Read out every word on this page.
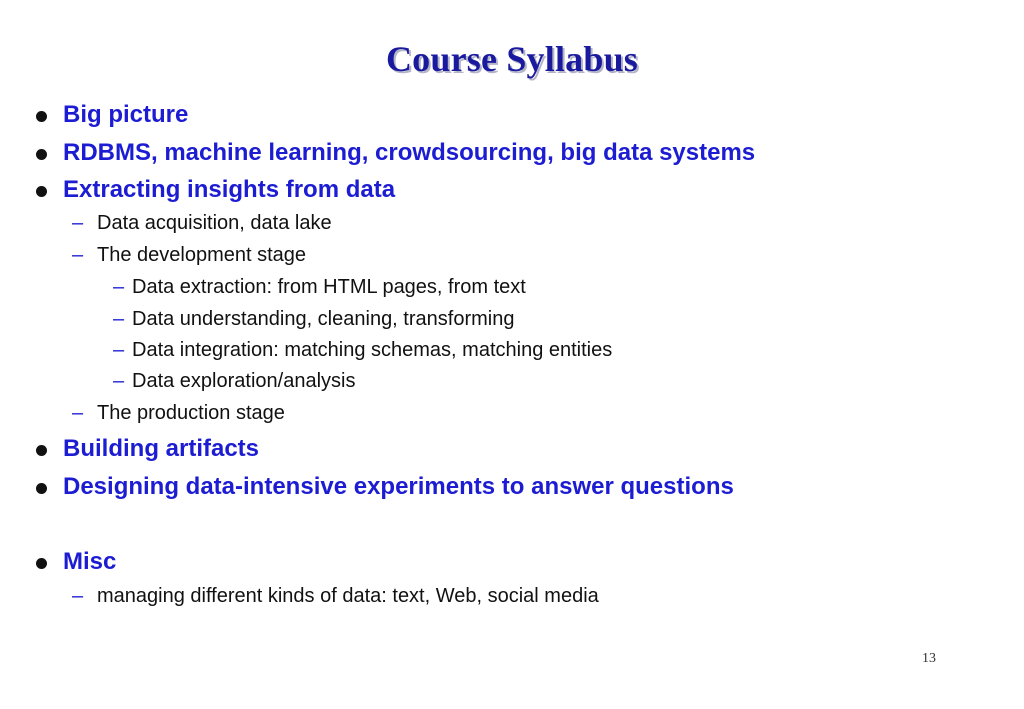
Course Syllabus
Big picture
RDBMS, machine learning, crowdsourcing, big data systems
Extracting insights from data
– Data acquisition, data lake
– The development stage
– Data extraction: from HTML pages, from text
– Data understanding, cleaning, transforming
– Data integration: matching schemas, matching entities
– Data exploration/analysis
– The production stage
Building artifacts
Designing data-intensive experiments to answer questions
Misc
– managing different kinds of data: text, Web, social media
13
